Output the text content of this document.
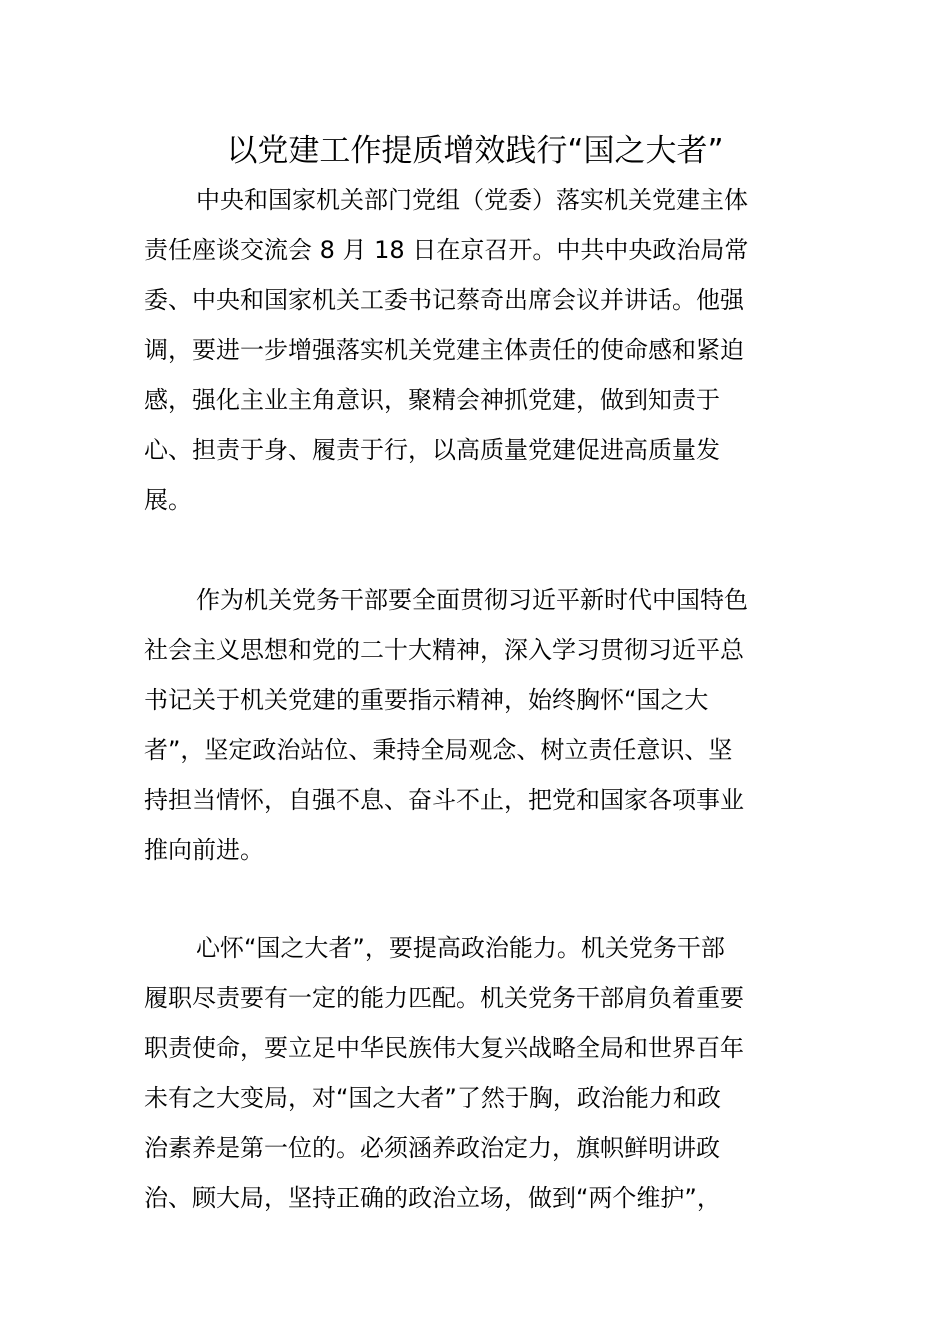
以党建工作提质增效践行“国之大者”

中央和国家机关部门党组（党委）落实机关党建主体

责任座谈交流会 8 月 18 日在京召开。中共中央政治局常

委、中央和国家机关工委书记蔡奇出席会议并讲话。他强

调，要进一步增强落实机关党建主体责任的使命感和紧迫

感，强化主业主角意识，聚精会神抓党建，做到知责于

心、担责于身、履责于行，以高质量党建促进高质量发

展。

作为机关党务干部要全面贯彻习近平新时代中国特色

社会主义思想和党的二十大精神，深入学习贯彻习近平总

书记关于机关党建的重要指示精神，始终胸怀“国之大

者”，坚定政治站位、秉持全局观念、树立责任意识、坚

持担当情怀，自强不息、奋斗不止，把党和国家各项事业

推向前进。

心怀“国之大者”，要提高政治能力。机关党务干部

履职尽责要有一定的能力匹配。机关党务干部肩负着重要

职责使命，要立足中华民族伟大复兴战略全局和世界百年

未有之大变局，对“国之大者”了然于胸，政治能力和政

治素养是第一位的。必须涵养政治定力，旗帜鲜明讲政

治、顾大局，坚持正确的政治立场，做到“两个维护”，
